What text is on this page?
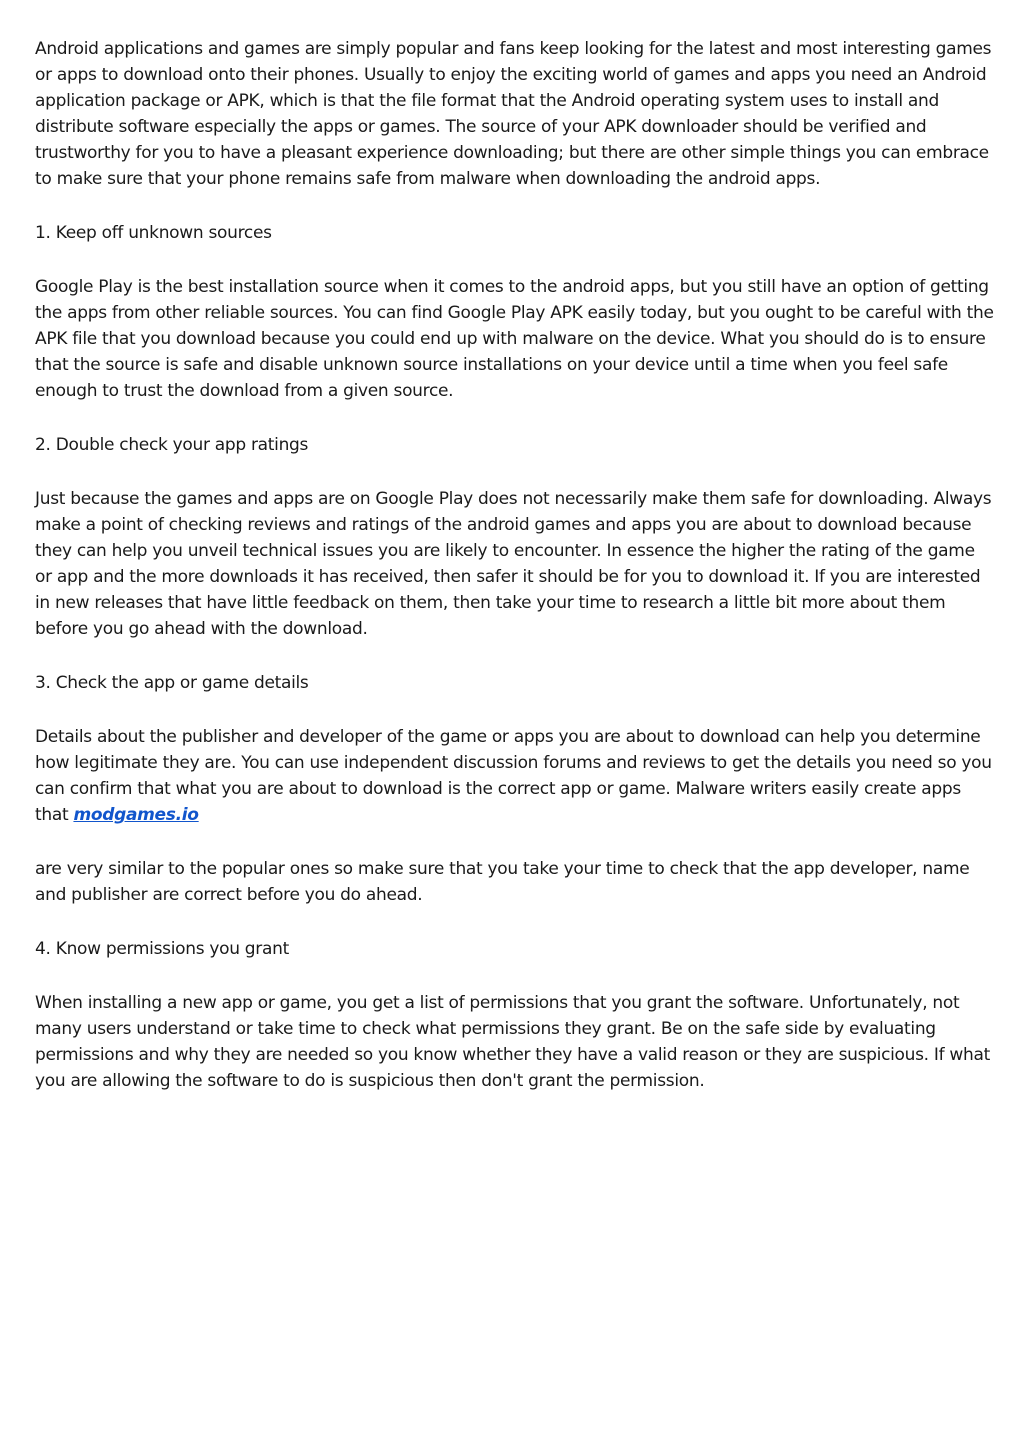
Android applications and games are simply popular and fans keep looking for the latest and most interesting games or apps to download onto their phones. Usually to enjoy the exciting world of games and apps you need an Android application package or APK, which is that the file format that the Android operating system uses to install and distribute software especially the apps or games. The source of your APK downloader should be verified and trustworthy for you to have a pleasant experience downloading; but there are other simple things you can embrace to make sure that your phone remains safe from malware when downloading the android apps.

1. Keep off unknown sources

Google Play is the best installation source when it comes to the android apps, but you still have an option of getting the apps from other reliable sources. You can find Google Play APK easily today, but you ought to be careful with the APK file that you download because you could end up with malware on the device. What you should do is to ensure that the source is safe and disable unknown source installations on your device until a time when you feel safe enough to trust the download from a given source.

2. Double check your app ratings

Just because the games and apps are on Google Play does not necessarily make them safe for downloading. Always make a point of checking reviews and ratings of the android games and apps you are about to download because they can help you unveil technical issues you are likely to encounter. In essence the higher the rating of the game or app and the more downloads it has received, then safer it should be for you to download it. If you are interested in new releases that have little feedback on them, then take your time to research a little bit more about them before you go ahead with the download.

3. Check the app or game details

Details about the publisher and developer of the game or apps you are about to download can help you determine how legitimate they are. You can use independent discussion forums and reviews to get the details you need so you can confirm that what you are about to download is the correct app or game. Malware writers easily create apps that modgames.io

are very similar to the popular ones so make sure that you take your time to check that the app developer, name and publisher are correct before you do ahead.

4. Know permissions you grant

When installing a new app or game, you get a list of permissions that you grant the software. Unfortunately, not many users understand or take time to check what permissions they grant. Be on the safe side by evaluating permissions and why they are needed so you know whether they have a valid reason or they are suspicious. If what you are allowing the software to do is suspicious then don't grant the permission.
